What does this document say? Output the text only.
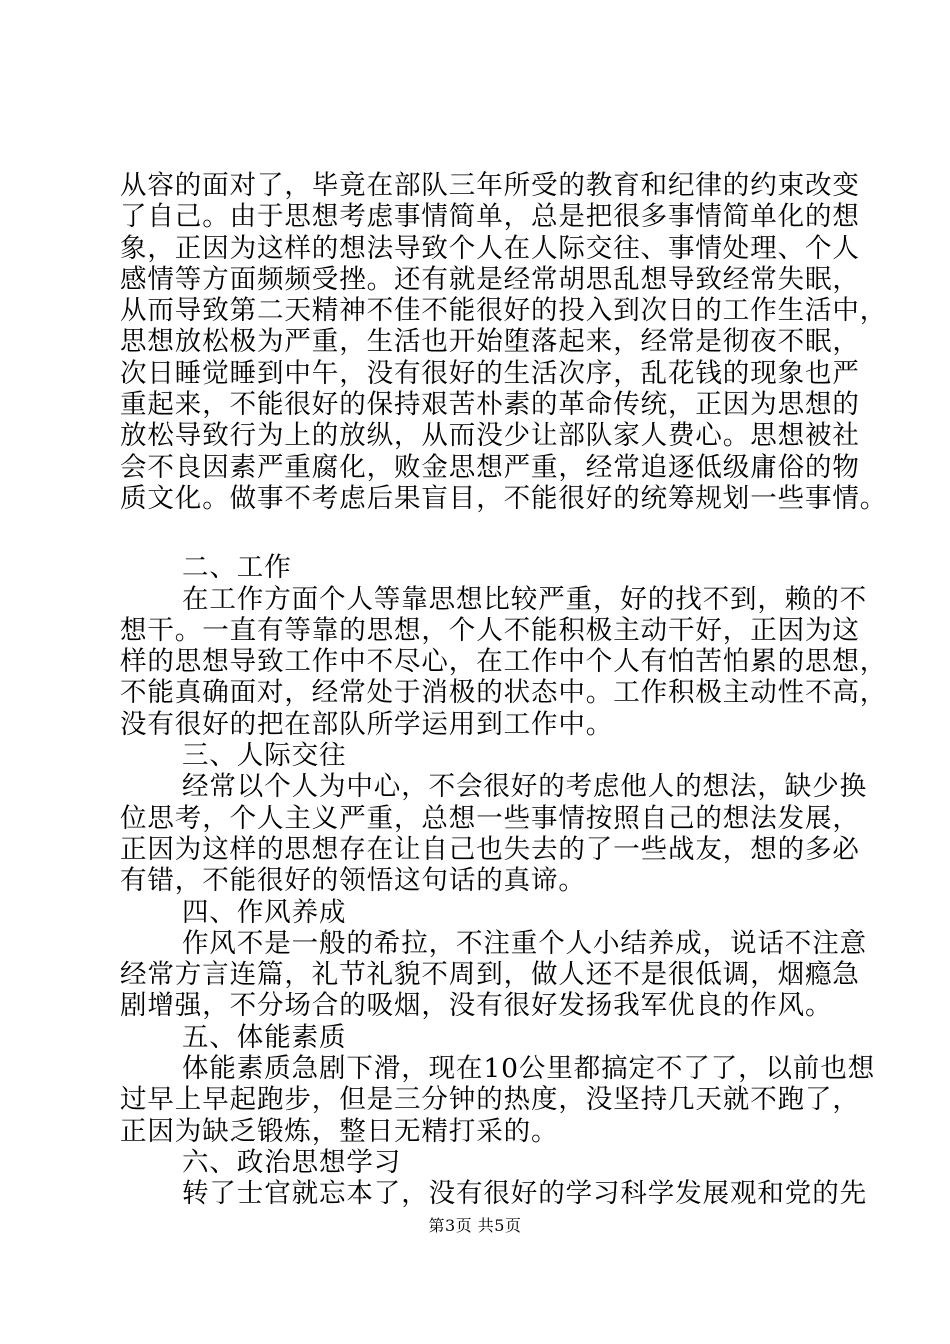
从容的面对了，毕竟在部队三年所受的教育和纪律的约束改变
了自己。由于思想考虑事情简单，总是把很多事情简单化的想
象，正因为这样的想法导致个人在人际交往、事情处理、个人
感情等方面频频受挫。还有就是经常胡思乱想导致经常失眠，
从而导致第二天精神不佳不能很好的投入到次日的工作生活中，
思想放松极为严重，生活也开始堕落起来，经常是彻夜不眠，
次日睡觉睡到中午，没有很好的生活次序，乱花钱的现象也严
重起来，不能很好的保持艰苦朴素的革命传统，正因为思想的
放松导致行为上的放纵，从而没少让部队家人费心。思想被社
会不良因素严重腐化，败金思想严重，经常追逐低级庸俗的物
质文化。做事不考虑后果盲目，不能很好的统筹规划一些事情。
二、工作
在工作方面个人等靠思想比较严重，好的找不到，赖的不
想干。一直有等靠的思想，个人不能积极主动干好，正因为这
样的思想导致工作中不尽心，在工作中个人有怕苦怕累的思想，
不能真确面对，经常处于消极的状态中。工作积极主动性不高，
没有很好的把在部队所学运用到工作中。
三、人际交往
经常以个人为中心，不会很好的考虑他人的想法，缺少换
位思考，个人主义严重，总想一些事情按照自己的想法发展，
正因为这样的思想存在让自己也失去的了一些战友，想的多必
有错，不能很好的领悟这句话的真谛。
四、作风养成
作风不是一般的希拉，不注重个人小结养成，说话不注意
经常方言连篇，礼节礼貌不周到，做人还不是很低调，烟瘾急
剧增强，不分场合的吸烟，没有很好发扬我军优良的作风。
五、体能素质
体能素质急剧下滑，现在10公里都搞定不了了，以前也想
过早上早起跑步，但是三分钟的热度，没坚持几天就不跑了，
正因为缺乏锻炼，整日无精打采的。
六、政治思想学习
转了士官就忘本了，没有很好的学习科学发展观和党的先
第3页 共5页
